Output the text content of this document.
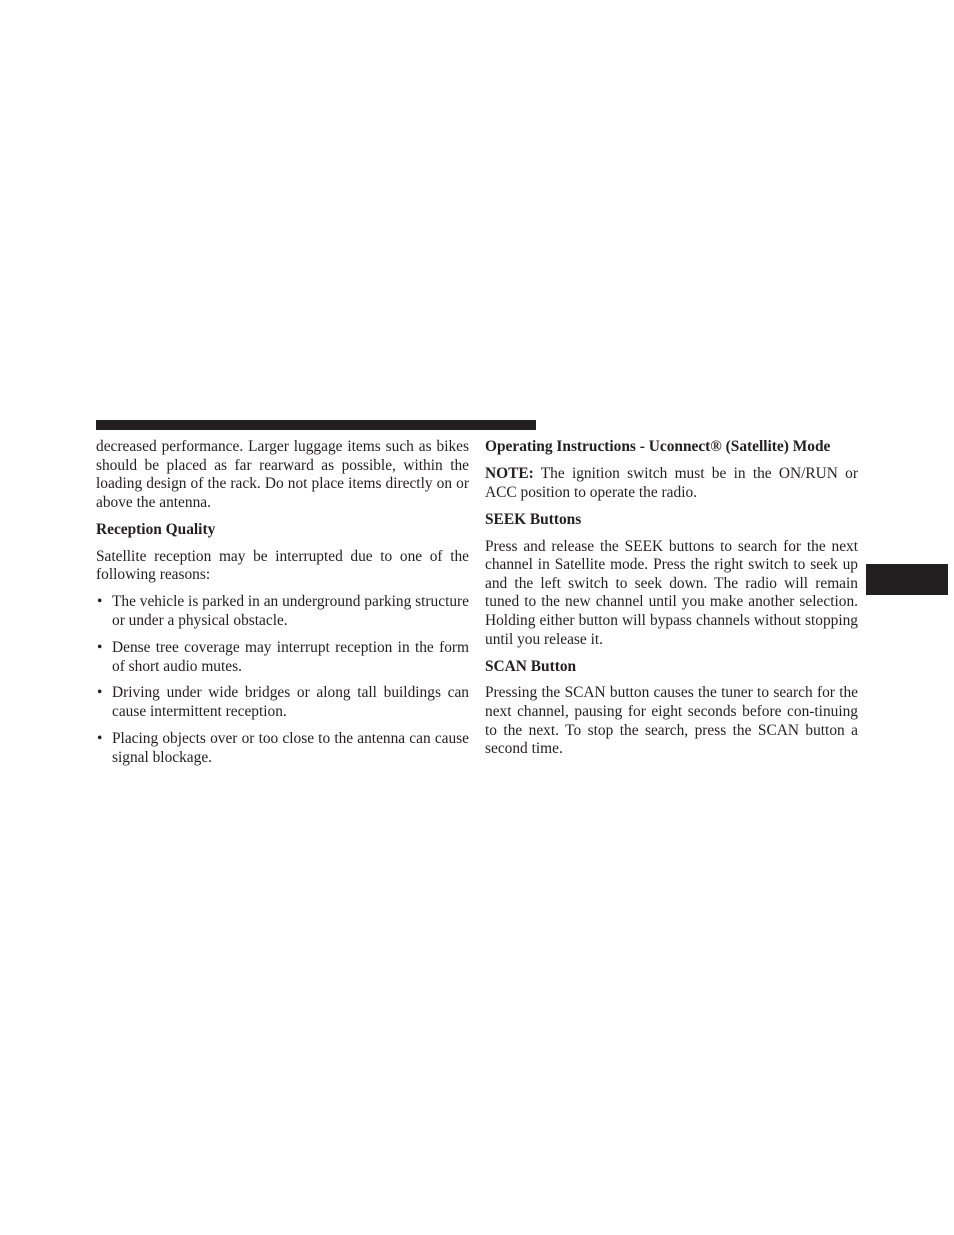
decreased performance. Larger luggage items such as bikes should be placed as far rearward as possible, within the loading design of the rack. Do not place items directly on or above the antenna.

Reception Quality

Satellite reception may be interrupted due to one of the following reasons:

• The vehicle is parked in an underground parking structure or under a physical obstacle.
• Dense tree coverage may interrupt reception in the form of short audio mutes.
• Driving under wide bridges or along tall buildings can cause intermittent reception.
• Placing objects over or too close to the antenna can cause signal blockage.
Operating Instructions - Uconnect® (Satellite) Mode

NOTE: The ignition switch must be in the ON/RUN or ACC position to operate the radio.

SEEK Buttons

Press and release the SEEK buttons to search for the next channel in Satellite mode. Press the right switch to seek up and the left switch to seek down. The radio will remain tuned to the new channel until you make another selection. Holding either button will bypass channels without stopping until you release it.

SCAN Button

Pressing the SCAN button causes the tuner to search for the next channel, pausing for eight seconds before con-tinuing to the next. To stop the search, press the SCAN button a second time.
